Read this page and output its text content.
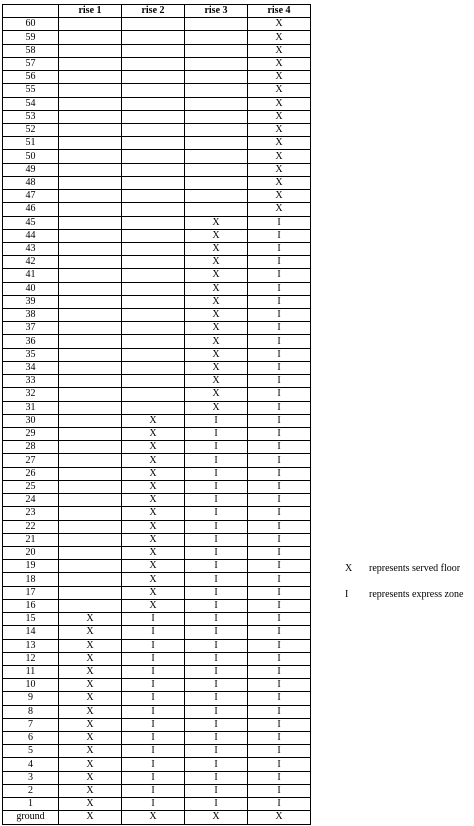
	rise 1	rise 2	rise 3	rise 4
60				X
59				X
58				X
57				X
56				X
55				X
54				X
53				X
52				X
51				X
50				X
49				X
48				X
47				X
46				X
45			X	I
44			X	I
43			X	I
42			X	I
41			X	I
40			X	I
39			X	I
38			X	I
37			X	I
36			X	I
35			X	I
34			X	I
33			X	I
32			X	I
31			X	I
30		X	I	I
29		X	I	I
28		X	I	I
27		X	I	I
26		X	I	I
25		X	I	I
24		X	I	I
23		X	I	I
22		X	I	I
21		X	I	I
20		X	I	I
19		X	I	I
18		X	I	I
17		X	I	I
16		X	I	I
15	X	I	I	I
14	X	I	I	I
13	X	I	I	I
12	X	I	I	I
11	X	I	I	I
10	X	I	I	I
9	X	I	I	I
8	X	I	I	I
7	X	I	I	I
6	X	I	I	I
5	X	I	I	I
4	X	I	I	I
3	X	I	I	I
2	X	I	I	I
1	X	I	I	I
ground	X	X	X	X
X represents served floor
I represents express zone
